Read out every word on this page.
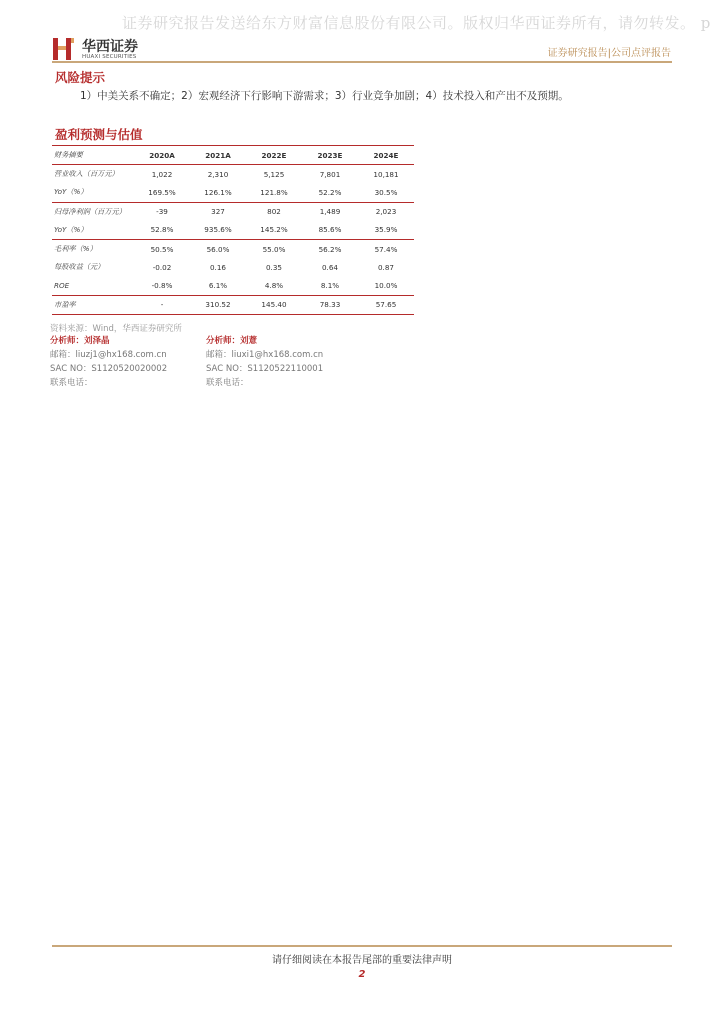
证券研究报告发送给东方财富信息股份有限公司。版权归华西证券所有，请勿转发。 p
华西证券
HUAXI SECURITIES	证券研究报告|公司点评报告
风险提示
1）中美关系不确定；2）宏观经济下行影响下游需求；3）行业竞争加剧；4）技术投入和产出不及预期。
盈利预测与估值
财务摘要	2020A	2021A	2022E	2023E	2024E
营业收入（百万元）	1,022	2,310	5,125	7,801	10,181
YoY（%）	169.5%	126.1%	121.8%	52.2%	30.5%
归母净利润（百万元）	-39	327	802	1,489	2,023
YoY（%）	52.8%	935.6%	145.2%	85.6%	35.9%
毛利率（%）	50.5%	56.0%	55.0%	56.2%	57.4%
每股收益（元）	-0.02	0.16	0.35	0.64	0.87
ROE	-0.8%	6.1%	4.8%	8.1%	10.0%
市盈率	-	310.52	145.40	78.33	57.65
资料来源：Wind，华西证券研究所
分析师：刘泽晶
邮箱：liuzj1@hx168.com.cn
SAC NO：S1120520020002
联系电话：
分析师：刘薏
邮箱：liuxi1@hx168.com.cn
SAC NO：S1120522110001
联系电话：
请仔细阅读在本报告尾部的重要法律声明
2
